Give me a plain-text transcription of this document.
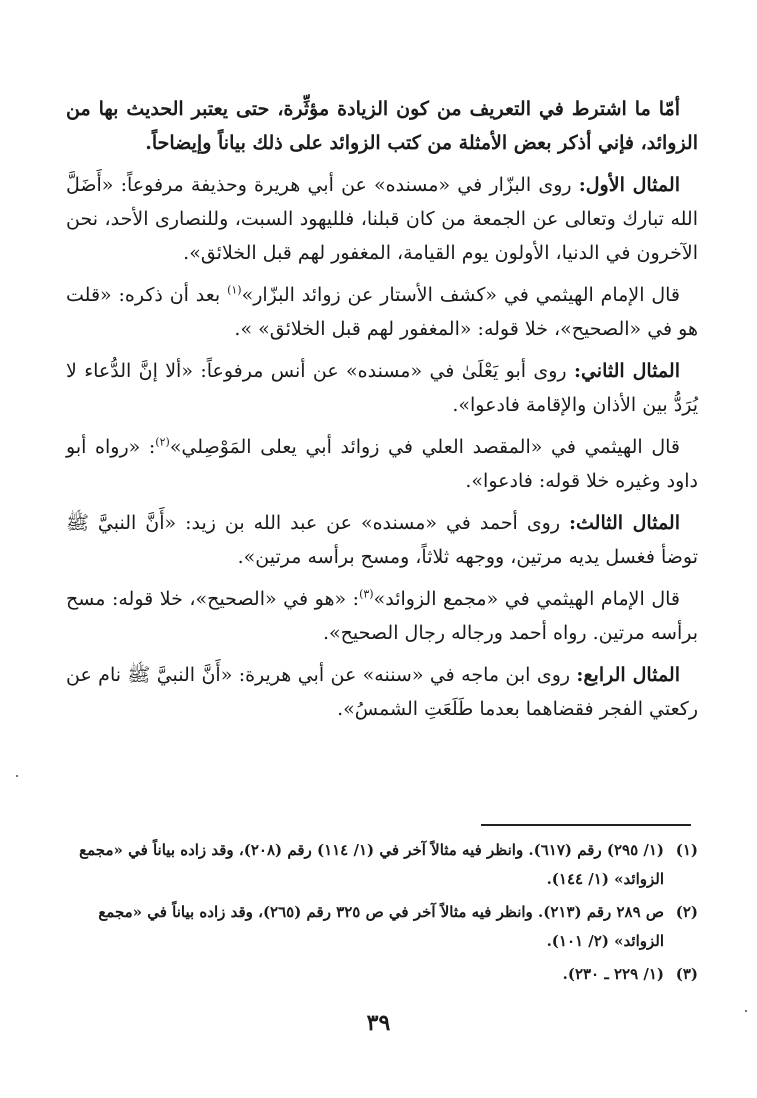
أمّا ما اشترط في التعريف من كون الزيادة مؤثِّرة، حتى يعتبر الحديث بها من الزوائد، فإني أذكر بعض الأمثلة من كتب الزوائد على ذلك بياناً وإيضاحاً.

المثال الأول: روى البزّار في «مسنده» عن أبي هريرة وحذيفة مرفوعاً: «أَضَلَّ الله تبارك وتعالى عن الجمعة من كان قبلنا، فلليهود السبت، وللنصارى الأحد، نحن الآخرون في الدنيا، الأولون يوم القيامة، المغفور لهم قبل الخلائق».

قال الإمام الهيثمي في «كشف الأستار عن زوائد البزّار»$^{(١)}$ بعد أن ذكره: «قلت هو في «الصحيح»، خلا قوله: «المغفور لهم قبل الخلائق» ».

المثال الثاني: روى أبو يَعْلَىٰ في «مسنده» عن أنس مرفوعاً: «ألا إنَّ الدُّعاء لا يُرَدُّ بين الأذان والإقامة فادعوا».

قال الهيثمي في «المقصد العلي في زوائد أبي يعلى المَوْصِلي»$^{(٢)}$: «رواه أبو داود وغيره خلا قوله: فادعوا».

المثال الثالث: روى أحمد في «مسنده» عن عبد الله بن زيد: «أَنَّ النبيَّ ﷺ توضأ فغسل يديه مرتين، ووجهه ثلاثاً، ومسح برأسه مرتين».

قال الإمام الهيثمي في «مجمع الزوائد»$^{(٣)}$: «هو في «الصحيح»، خلا قوله: مسح برأسه مرتين. رواه أحمد ورجاله رجال الصحيح».

المثال الرابع: روى ابن ماجه في «سننه» عن أبي هريرة: «أَنَّ النبيَّ ﷺ نام عن ركعتي الفجر فقضاهما بعدما طَلَعَتِ الشمسُ».

(١)(١/ ٢٩٥) رقم (٦١٧). وانظر فيه مثالاً آخر في (١/ ١١٤) رقم (٢٠٨)، وقد زاده بياناً في «مجمع الزوائد» (١/ ١٤٤).

(٢)ص ٢٨٩ رقم (٢١٣). وانظر فيه مثالاً آخر في ص ٣٢٥ رقم (٢٦٥)، وقد زاده بياناً في «مجمع الزوائد» (٢/ ١٠١).

(٣)(١/ ٢٢٩ ـ ٢٣٠).

٣٩
